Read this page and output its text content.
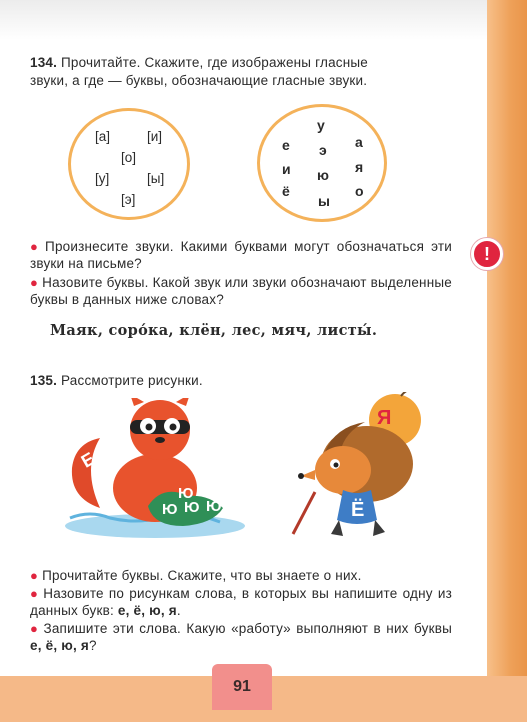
91
134. Прочитайте. Скажите, где изображены гласные
звуки, а где — буквы, обозначающие гласные звуки.
[а]	[и]
[о]
[у]	[ы]
[э]
у
е	а
э
и	я
ю
ё	о
ы
!
● Произнесите звуки. Какими буквами могут обозначаться эти звуки на письме?
● Назовите буквы. Какой звук или звуки обозначают выделенные буквы в данных ниже словах?
Маяк, соро́ка, клён, лес, мяч, листы́.
135. Рассмотрите рисунки.
Ю Ю
Ю Ю Ю
Е
Я
Ё
● Прочитайте буквы. Скажите, что вы знаете о них.
● Назовите по рисункам слова, в которых вы напишите одну из данных букв: е, ё, ю, я.
● Запишите эти слова. Какую «работу» выполняют в них буквы е, ё, ю, я?
